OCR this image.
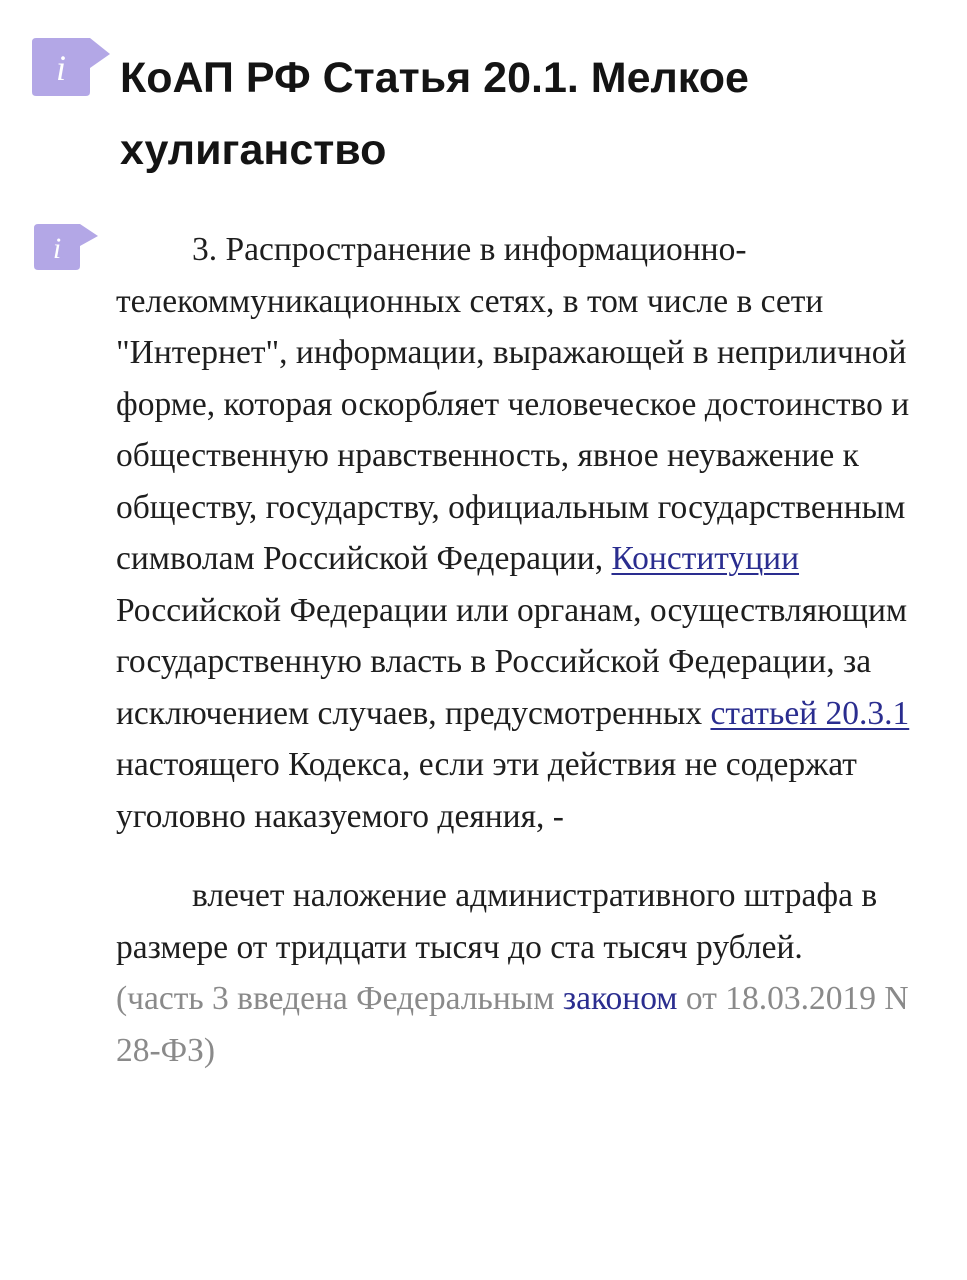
i КоАП РФ Статья 20.1. Мелкое хулиганство
i	3. Распространение в информационно-телекоммуникационных сетях, в том числе в сети "Интернет", информации, выражающей в неприличной форме, которая оскорбляет человеческое достоинство и общественную нравственность, явное неуважение к обществу, государству, официальным государственным символам Российской Федерации, Конституции Российской Федерации или органам, осуществляющим государственную власть в Российской Федерации, за исключением случаев, предусмотренных статьей 20.3.1 настоящего Кодекса, если эти действия не содержат уголовно наказуемого деяния, -

влечет наложение административного штрафа в размере от тридцати тысяч до ста тысяч рублей.

(часть 3 введена Федеральным законом от 18.03.2019 N 28-ФЗ)
